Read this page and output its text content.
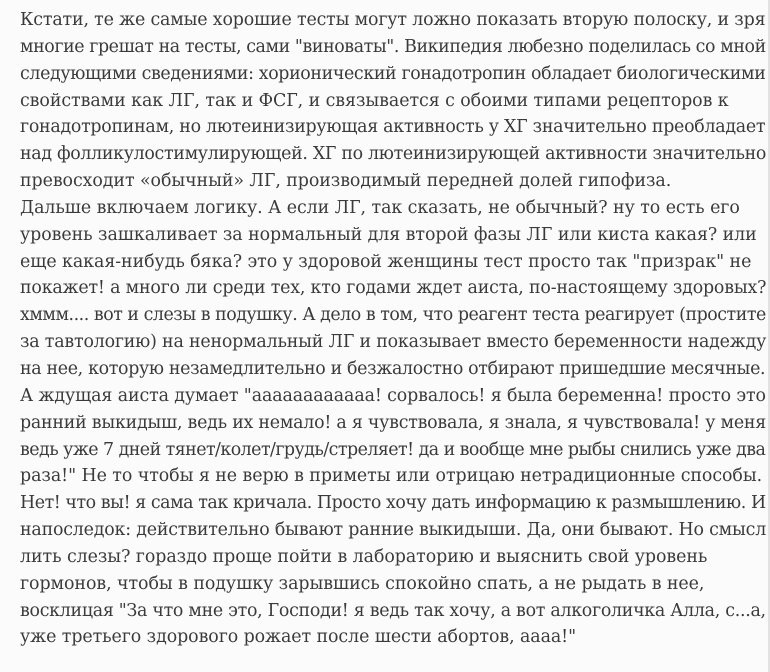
Кстати, те же самые хорошие тесты могут ложно показать вторую полоску, и зря
многие грешат на тесты, сами "виноваты". Википедия любезно поделилась со мной
следующими сведениями: хорионический гонадотропин обладает биологическими
свойствами как ЛГ, так и ФСГ, и связывается с обоими типами рецепторов к
гонадотропинам, но лютеинизирующая активность у ХГ значительно преобладает
над фолликулостимулирующей. ХГ по лютеинизирующей активности значительно
превосходит «обычный» ЛГ, производимый передней долей гипофиза.
Дальше включаем логику. А если ЛГ, так сказать, не обычный? ну то есть его
уровень зашкаливает за нормальный для второй фазы ЛГ или киста какая? или
еще какая-нибудь бяка? это у здоровой женщины тест просто так "призрак" не
покажет! а много ли среди тех, кто годами ждет аиста, по-настоящему здоровых?
хммм.... вот и слезы в подушку. А дело в том, что реагент теста реагирует (простите
за тавтологию) на ненормальный ЛГ и показывает вместо беременности надежду
на нее, которую незамедлительно и безжалостно отбирают пришедшие месячные.
А ждущая аиста думает "аааааааааааа! сорвалось! я была беременна! просто это
ранний выкидыш, ведь их немало! а я чувствовала, я знала, я чувствовала! у меня
ведь уже 7 дней тянет/колет/грудь/стреляет! да и вообще мне рыбы снились уже два
раза!" Не то чтобы я не верю в приметы или отрицаю нетрадиционные способы.
Нет! что вы! я сама так кричала. Просто хочу дать информацию к размышлению. И
напоследок: действительно бывают ранние выкидыши. Да, они бывают. Но смысл
лить слезы? гораздо проще пойти в лабораторию и выяснить свой уровень
гормонов, чтобы в подушку зарывшись спокойно спать, а не рыдать в нее,
восклицая "За что мне это, Господи! я ведь так хочу, а вот алкоголичка Алла, с...а,
уже третьего здорового рожает после шести абортов, аааа!"
